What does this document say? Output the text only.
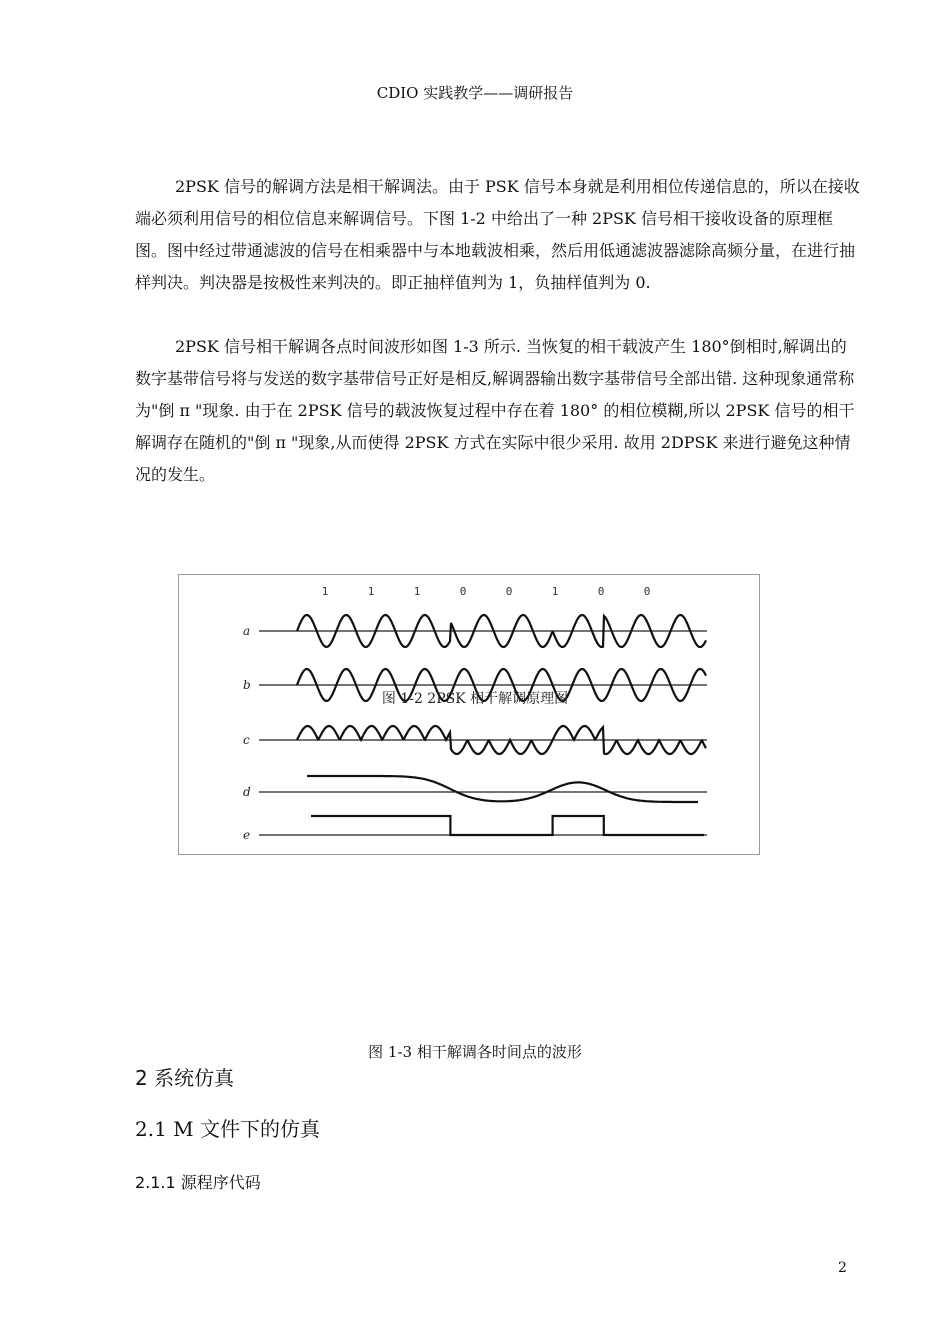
CDIO 实践教学——调研报告

2PSK 信号的解调方法是相干解调法。由于 PSK 信号本身就是利用相位传递信息的，所以在接收端必须利用信号的相位信息来解调信号。下图 1-2 中给出了一种 2PSK 信号相干接收设备的原理框图。图中经过带通滤波的信号在相乘器中与本地载波相乘，然后用低通滤波器滤除高频分量，在进行抽样判决。判决器是按极性来判决的。即正抽样值判为 1，负抽样值判为 0.

2PSK 信号相干解调各点时间波形如图 1-3 所示. 当恢复的相干载波产生 180°倒相时,解调出的数字基带信号将与发送的数字基带信号正好是相反,解调器输出数字基带信号全部出错. 这种现象通常称为"倒 π "现象. 由于在 2PSK 信号的载波恢复过程中存在着 180° 的相位模糊,所以 2PSK 信号的相干解调存在随机的"倒 π "现象,从而使得 2PSK 方式在实际中很少采用. 故用 2DPSK 来进行避免这种情况的发生。

1	1	1	0	0	1	0	0
a
b
c
d
e
图 1-2 2PSK 相干解调原理图
图 1-3 相干解调各时间点的波形
2 系统仿真
2.1 M 文件下的仿真
2.1.1 源程序代码
2
